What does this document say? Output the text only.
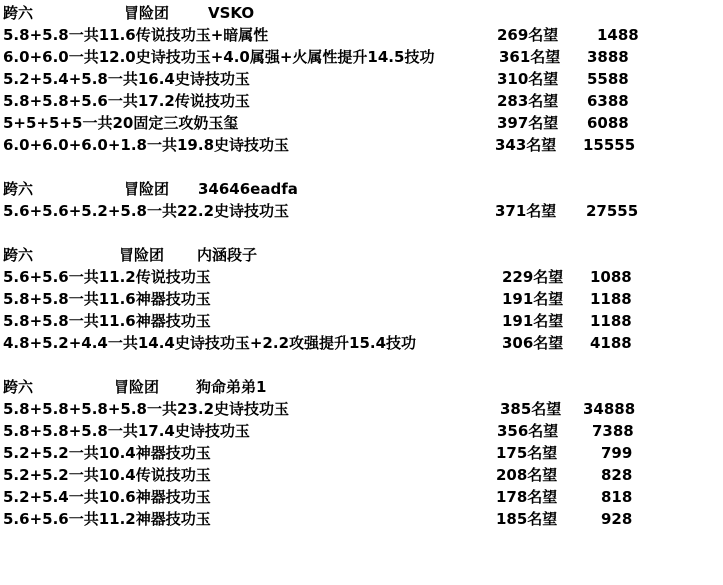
跨六	冒险团	VSKO
5.8+5.8一共11.6传说技功玉+暗属性	269名望	1488
6.0+6.0一共12.0史诗技功玉+4.0属强+火属性提升14.5技功	361名望 3888
5.2+5.4+5.8一共16.4史诗技功玉	310名望 5588
5.8+5.8+5.6一共17.2传说技功玉	283名望 6388
5+5+5+5一共20固定三攻奶玉玺	397名望 6088
6.0+6.0+6.0+1.8一共19.8史诗技功玉	343名望 15555
跨六	冒险团 34646eadfa
5.6+5.6+5.2+5.8一共22.2史诗技功玉	371名望 27555
跨六	冒险团 内涵段子
5.6+5.6一共11.2传说技功玉	229名望 1088
5.8+5.8一共11.6神器技功玉	191名望 1188
5.8+5.8一共11.6神器技功玉	191名望 1188
4.8+5.2+4.4一共14.4史诗技功玉+2.2攻强提升15.4技功	306名望 4188
跨六	冒险团 狗命弟弟1
5.8+5.8+5.8+5.8一共23.2史诗技功玉	385名望 34888
5.8+5.8+5.8一共17.4史诗技功玉	356名望 7388
5.2+5.2一共10.4神器技功玉	175名望	799
5.2+5.2一共10.4传说技功玉	208名望	828
5.2+5.4一共10.6神器技功玉	178名望	818
5.6+5.6一共11.2神器技功玉	185名望	928
